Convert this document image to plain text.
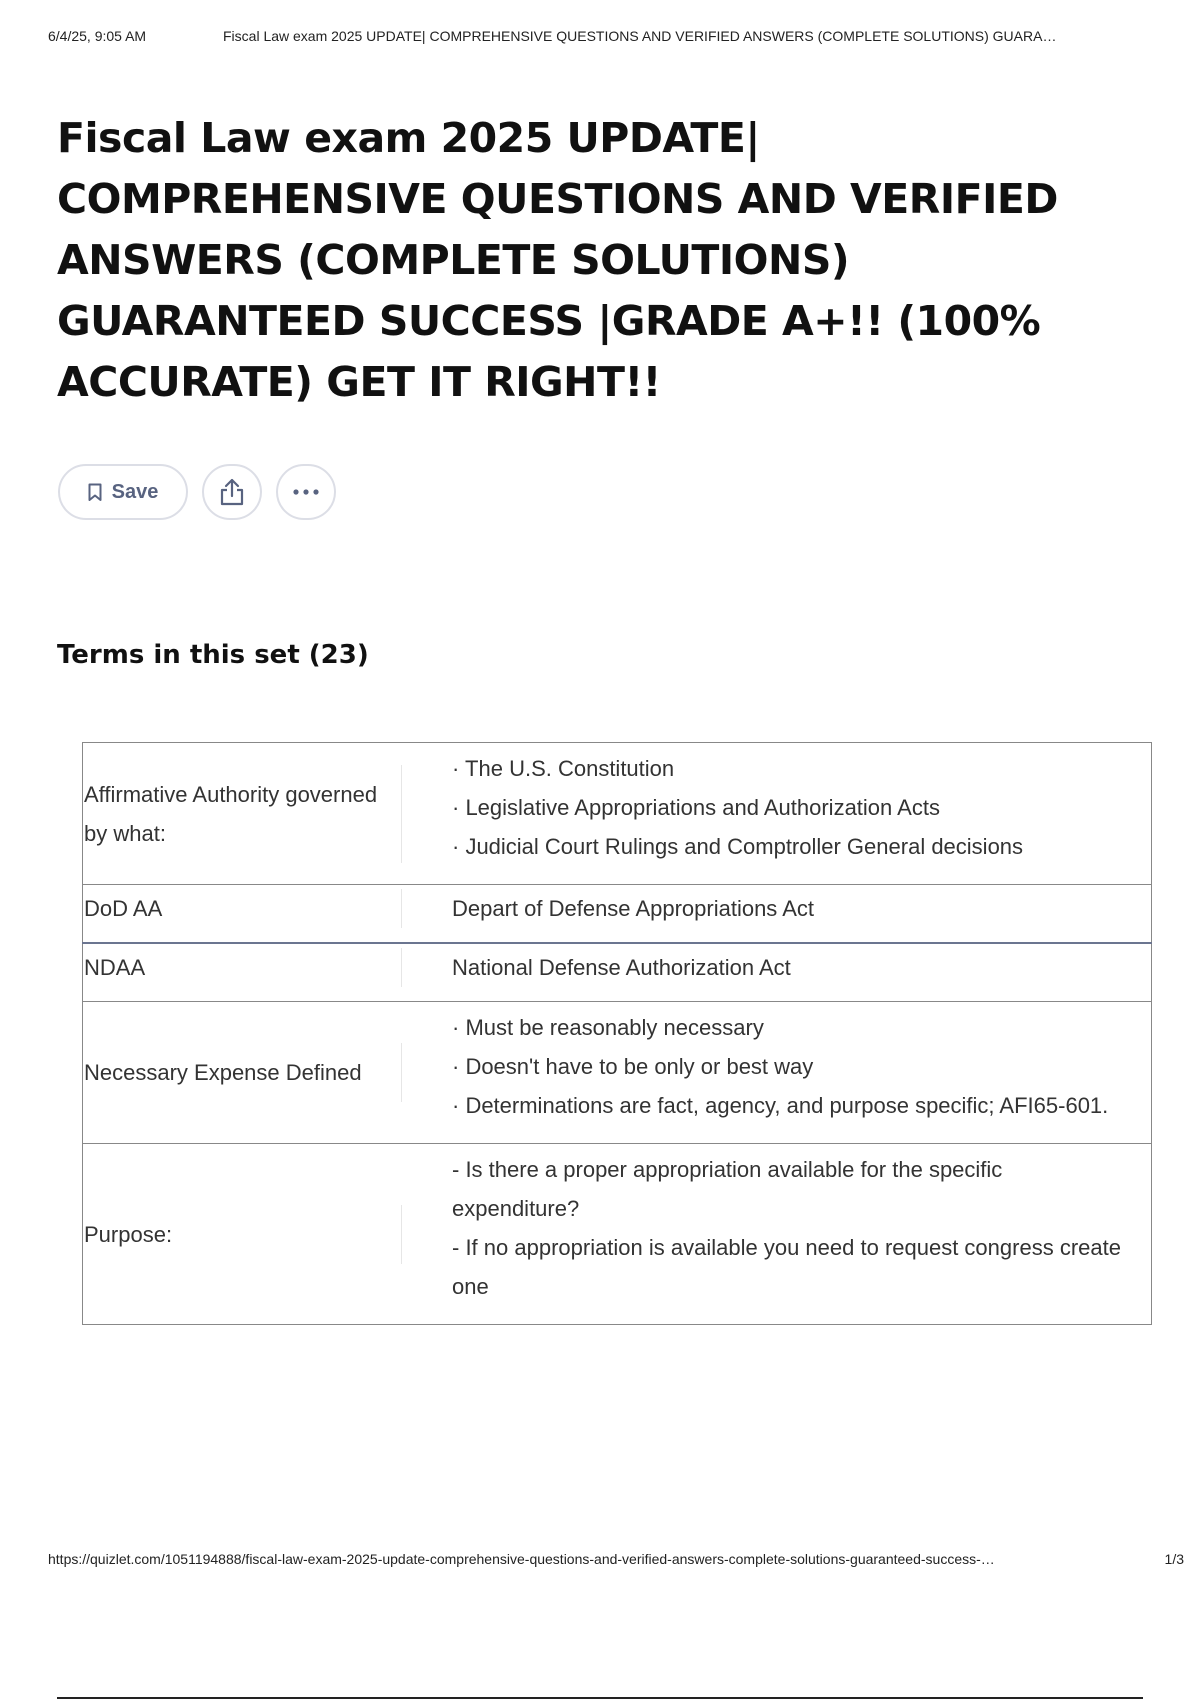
6/4/25, 9:05 AM	Fiscal Law exam 2025 UPDATE| COMPREHENSIVE QUESTIONS AND VERIFIED ANSWERS (COMPLETE SOLUTIONS) GUARA…
Fiscal Law exam 2025 UPDATE| COMPREHENSIVE QUESTIONS AND VERIFIED ANSWERS (COMPLETE SOLUTIONS) GUARANTEED SUCCESS |GRADE A+!! (100% ACCURATE) GET IT RIGHT!!
Save
Terms in this set (23)
Affirmative Authority governed by what:	· The U.S. Constitution
· Legislative Appropriations and Authorization Acts
· Judicial Court Rulings and Comptroller General decisions

DoD AA	Depart of Defense Appropriations Act

NDAA	National Defense Authorization Act

Necessary Expense Defined	· Must be reasonably necessary
· Doesn't have to be only or best way
· Determinations are fact, agency, and purpose specific; AFI65-601.

Purpose:	- Is there a proper appropriation available for the specific expenditure?
- If no appropriation is available you need to request congress create one
https://quizlet.com/1051194888/fiscal-law-exam-2025-update-comprehensive-questions-and-verified-answers-complete-solutions-guaranteed-success-…	1/3
